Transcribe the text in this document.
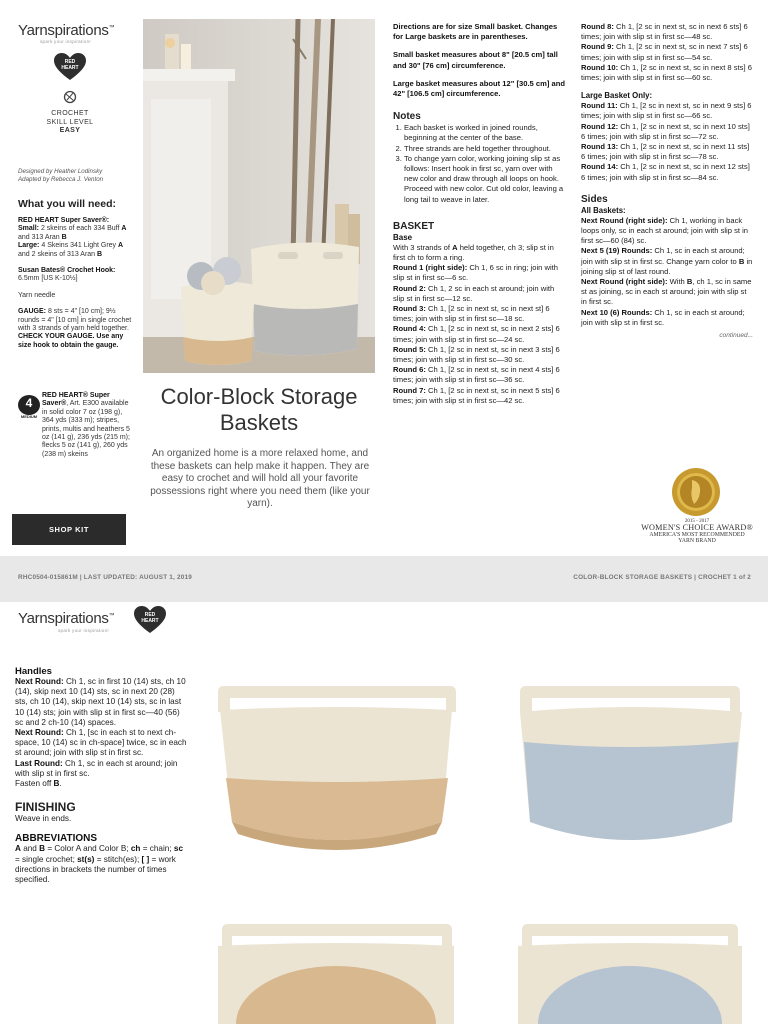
Yarnspirations™
spark your inspiration!
RED
HEART
CROCHET
SKILL LEVEL
EASY
Designed by Heather Lodinsky
Adapted by Rebecca J. Venton
What you will need:
RED HEART Super Saver®:
Small: 2 skeins of each 334 Buff A and 313 Aran B
Large: 4 Skeins 341 Light Grey A and 2 skeins of 313 Aran B
Susan Bates® Crochet Hook:
6.5mm [US K-10½]
Yarn needle
GAUGE: 8 sts = 4" [10 cm]; 9½ rounds = 4" [10 cm] in single crochet with 3 strands of yarn held together. CHECK YOUR GAUGE. Use any size hook to obtain the gauge.
4
MEDIUM
RED HEART® Super Saver®, Art. E300 available in solid color 7 oz (198 g), 364 yds (333 m); stripes, prints, multis and heathers 5 oz (141 g), 236 yds (215 m); flecks 5 oz (141 g), 260 yds (238 m) skeins
SHOP KIT
Color-Block Storage
Baskets
An organized home is a more relaxed home, and these baskets can help make it happen. They are easy to crochet and will hold all your favorite possessions right where you need them (like your yarn).

Directions are for size Small basket. Changes for Large baskets are in parentheses.

Small basket measures about 8" [20.5 cm] tall and 30" [76 cm] circumference.

Large basket measures about 12" [30.5 cm] and 42" [106.5 cm] circumference.

Notes
1. Each basket is worked in joined rounds, beginning at the center of the base.
2. Three strands are held together throughout.
3. To change yarn color, working joining slip st as follows: Insert hook in first sc, yarn over with new color and draw through all loops on hook. Proceed with new color. Cut old color, leaving a long tail to weave in later.
BASKET
Base

With 3 strands of A held together, ch 3; slip st in first ch to form a ring.

Round 1 (right side): Ch 1, 6 sc in ring; join with slip st in first sc—6 sc.

Round 2: Ch 1, 2 sc in each st around; join with slip st in first sc—12 sc.

Round 3: Ch 1, [2 sc in next st, sc in next st] 6 times; join with slip st in first sc—18 sc.

Round 4: Ch 1, [2 sc in next st, sc in next 2 sts] 6 times; join with slip st in first sc—24 sc.

Round 5: Ch 1, [2 sc in next st, sc in next 3 sts] 6 times; join with slip st in first sc—30 sc.

Round 6: Ch 1, [2 sc in next st, sc in next 4 sts] 6 times; join with slip st in first sc—36 sc.

Round 7: Ch 1, [2 sc in next st, sc in next 5 sts] 6 times; join with slip st in first sc—42 sc.

Round 8: Ch 1, [2 sc in next st, sc in next 6 sts] 6 times; join with slip st in first sc—48 sc.

Round 9: Ch 1, [2 sc in next st, sc in next 7 sts] 6 times; join with slip st in first sc—54 sc.

Round 10: Ch 1, [2 sc in next st, sc in next 8 sts] 6 times; join with slip st in first sc—60 sc.

Large Basket Only:

Round 11: Ch 1, [2 sc in next st, sc in next 9 sts] 6 times; join with slip st in first sc—66 sc.

Round 12: Ch 1, [2 sc in next st, sc in next 10 sts] 6 times; join with slip st in first sc—72 sc.

Round 13: Ch 1, [2 sc in next st, sc in next 11 sts] 6 times; join with slip st in first sc—78 sc.

Round 14: Ch 1, [2 sc in next st, sc in next 12 sts] 6 times; join with slip st in first sc—84 sc.

Sides
All Baskets:

Next Round (right side): Ch 1, working in back loops only, sc in each st around; join with slip st in first sc—60 (84) sc.

Next 5 (19) Rounds: Ch 1, sc in each st around; join with slip st in first sc. Change yarn color to B in joining slip st of last round.

Next Round (right side): With B, ch 1, sc in same st as joining, sc in each st around; join with slip st in first sc.

Next 10 (6) Rounds: Ch 1, sc in each st around; join with slip st in first sc.

continued...
2015 - 2017
WOMEN'S CHOICE AWARD®
AMERICA'S MOST RECOMMENDED
YARN BRAND
RHC0504-015861M | LAST UPDATED: AUGUST 1, 2019	COLOR-BLOCK STORAGE BASKETS | CROCHET 1 of 2
Yarnspirations™
spark your inspiration!
RED
HEART
Handles

Next Round: Ch 1, sc in first 10 (14) sts, ch 10 (14), skip next 10 (14) sts, sc in next 20 (28) sts, ch 10 (14), skip next 10 (14) sts, sc in last 10 (14) sts; join with slip st in first sc—40 (56) sc and 2 ch-10 (14) spaces.

Next Round: Ch 1, [sc in each st to next ch-space, 10 (14) sc in ch-space] twice, sc in each st around; join with slip st in first sc.

Last Round: Ch 1, sc in each st around; join with slip st in first sc.

Fasten off B.

FINISHING

Weave in ends.

ABBREVIATIONS

A and B = Color A and Color B; ch = chain; sc = single crochet; st(s) = stitch(es); [ ] = work directions in brackets the number of times specified.
